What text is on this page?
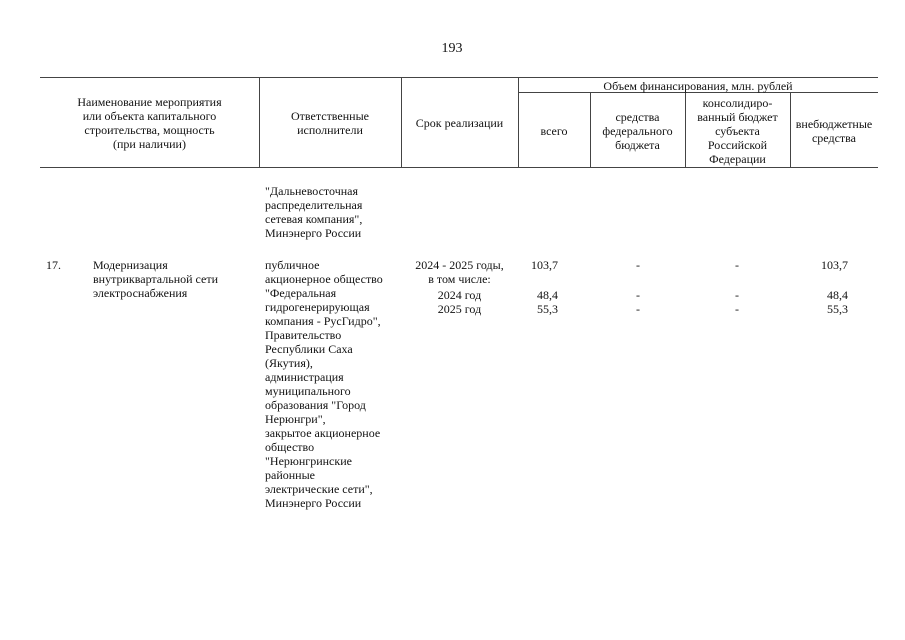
193
Наименование мероприятия
или объекта капитального
строительства, мощность
(при наличии)
Ответственные
исполнители	Срок реализации
Объем финансирования, млн. рублей
всего
средства
федерального
бюджета
консолидиро-
ванный бюджет
субъекта
Российской
Федерации
внебюджетные
средства
"Дальневосточная
распределительная
сетевая компания",
Минэнерго России
17.	Модернизация
внутриквартальной сети
электроснабжения
публичное
акционерное общество
"Федеральная
гидрогенерирующая
компания - РусГидро",
Правительство
Республики Саха
(Якутия),
администрация
муниципального
образования "Город
Нерюнгри",
закрытое акционерное
общество
"Нерюнгринские
районные
электрические сети",
Минэнерго России
2024 - 2025 годы,
в том числе:
2024 год
2025 год
103,7
48,4
55,3
-
-
-
-
-
-
103,7
48,4
55,3
